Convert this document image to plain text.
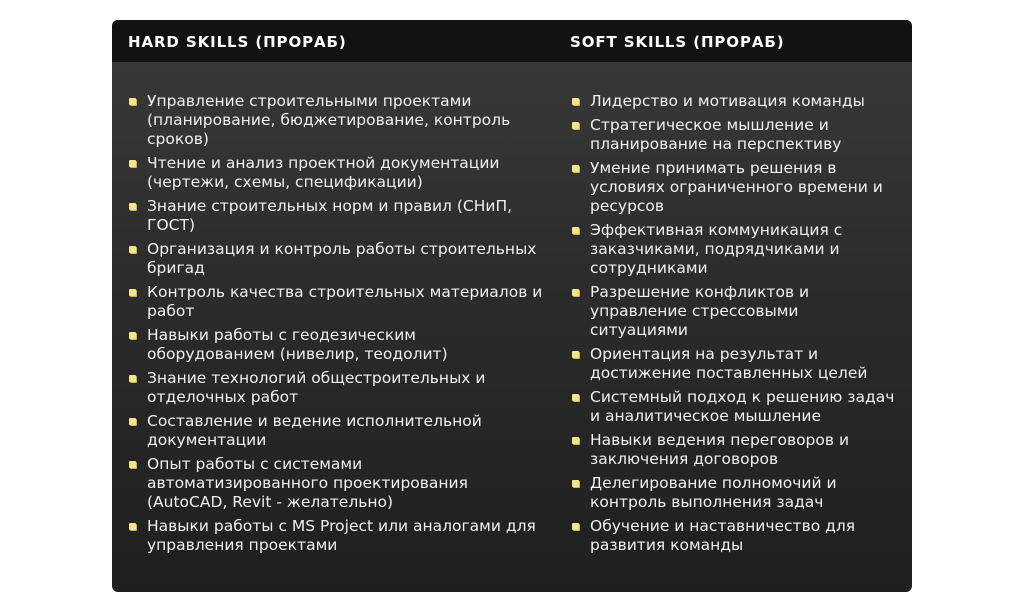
HARD SKILLS (ПРОРАБ)	SOFT SKILLS (ПРОРАБ)
Управление строительными проектами (планирование, бюджетирование, контроль сроков)
Чтение и анализ проектной документации (чертежи, схемы, спецификации)
Знание строительных норм и правил (СНиП, ГОСТ)
Организация и контроль работы строительных бригад
Контроль качества строительных материалов и работ
Навыки работы с геодезическим оборудованием (нивелир, теодолит)
Знание технологий общестроительных и отделочных работ
Составление и ведение исполнительной документации
Опыт работы с системами автоматизированного проектирования (AutoCAD, Revit - желательно)
Навыки работы с MS Project или аналогами для управления проектами
Лидерство и мотивация команды
Стратегическое мышление и планирование на перспективу
Умение принимать решения в условиях ограниченного времени и ресурсов
Эффективная коммуникация с заказчиками, подрядчиками и сотрудниками
Разрешение конфликтов и управление стрессовыми ситуациями
Ориентация на результат и достижение поставленных целей
Системный подход к решению задач и аналитическое мышление
Навыки ведения переговоров и заключения договоров
Делегирование полномочий и контроль выполнения задач
Обучение и наставничество для развития команды
